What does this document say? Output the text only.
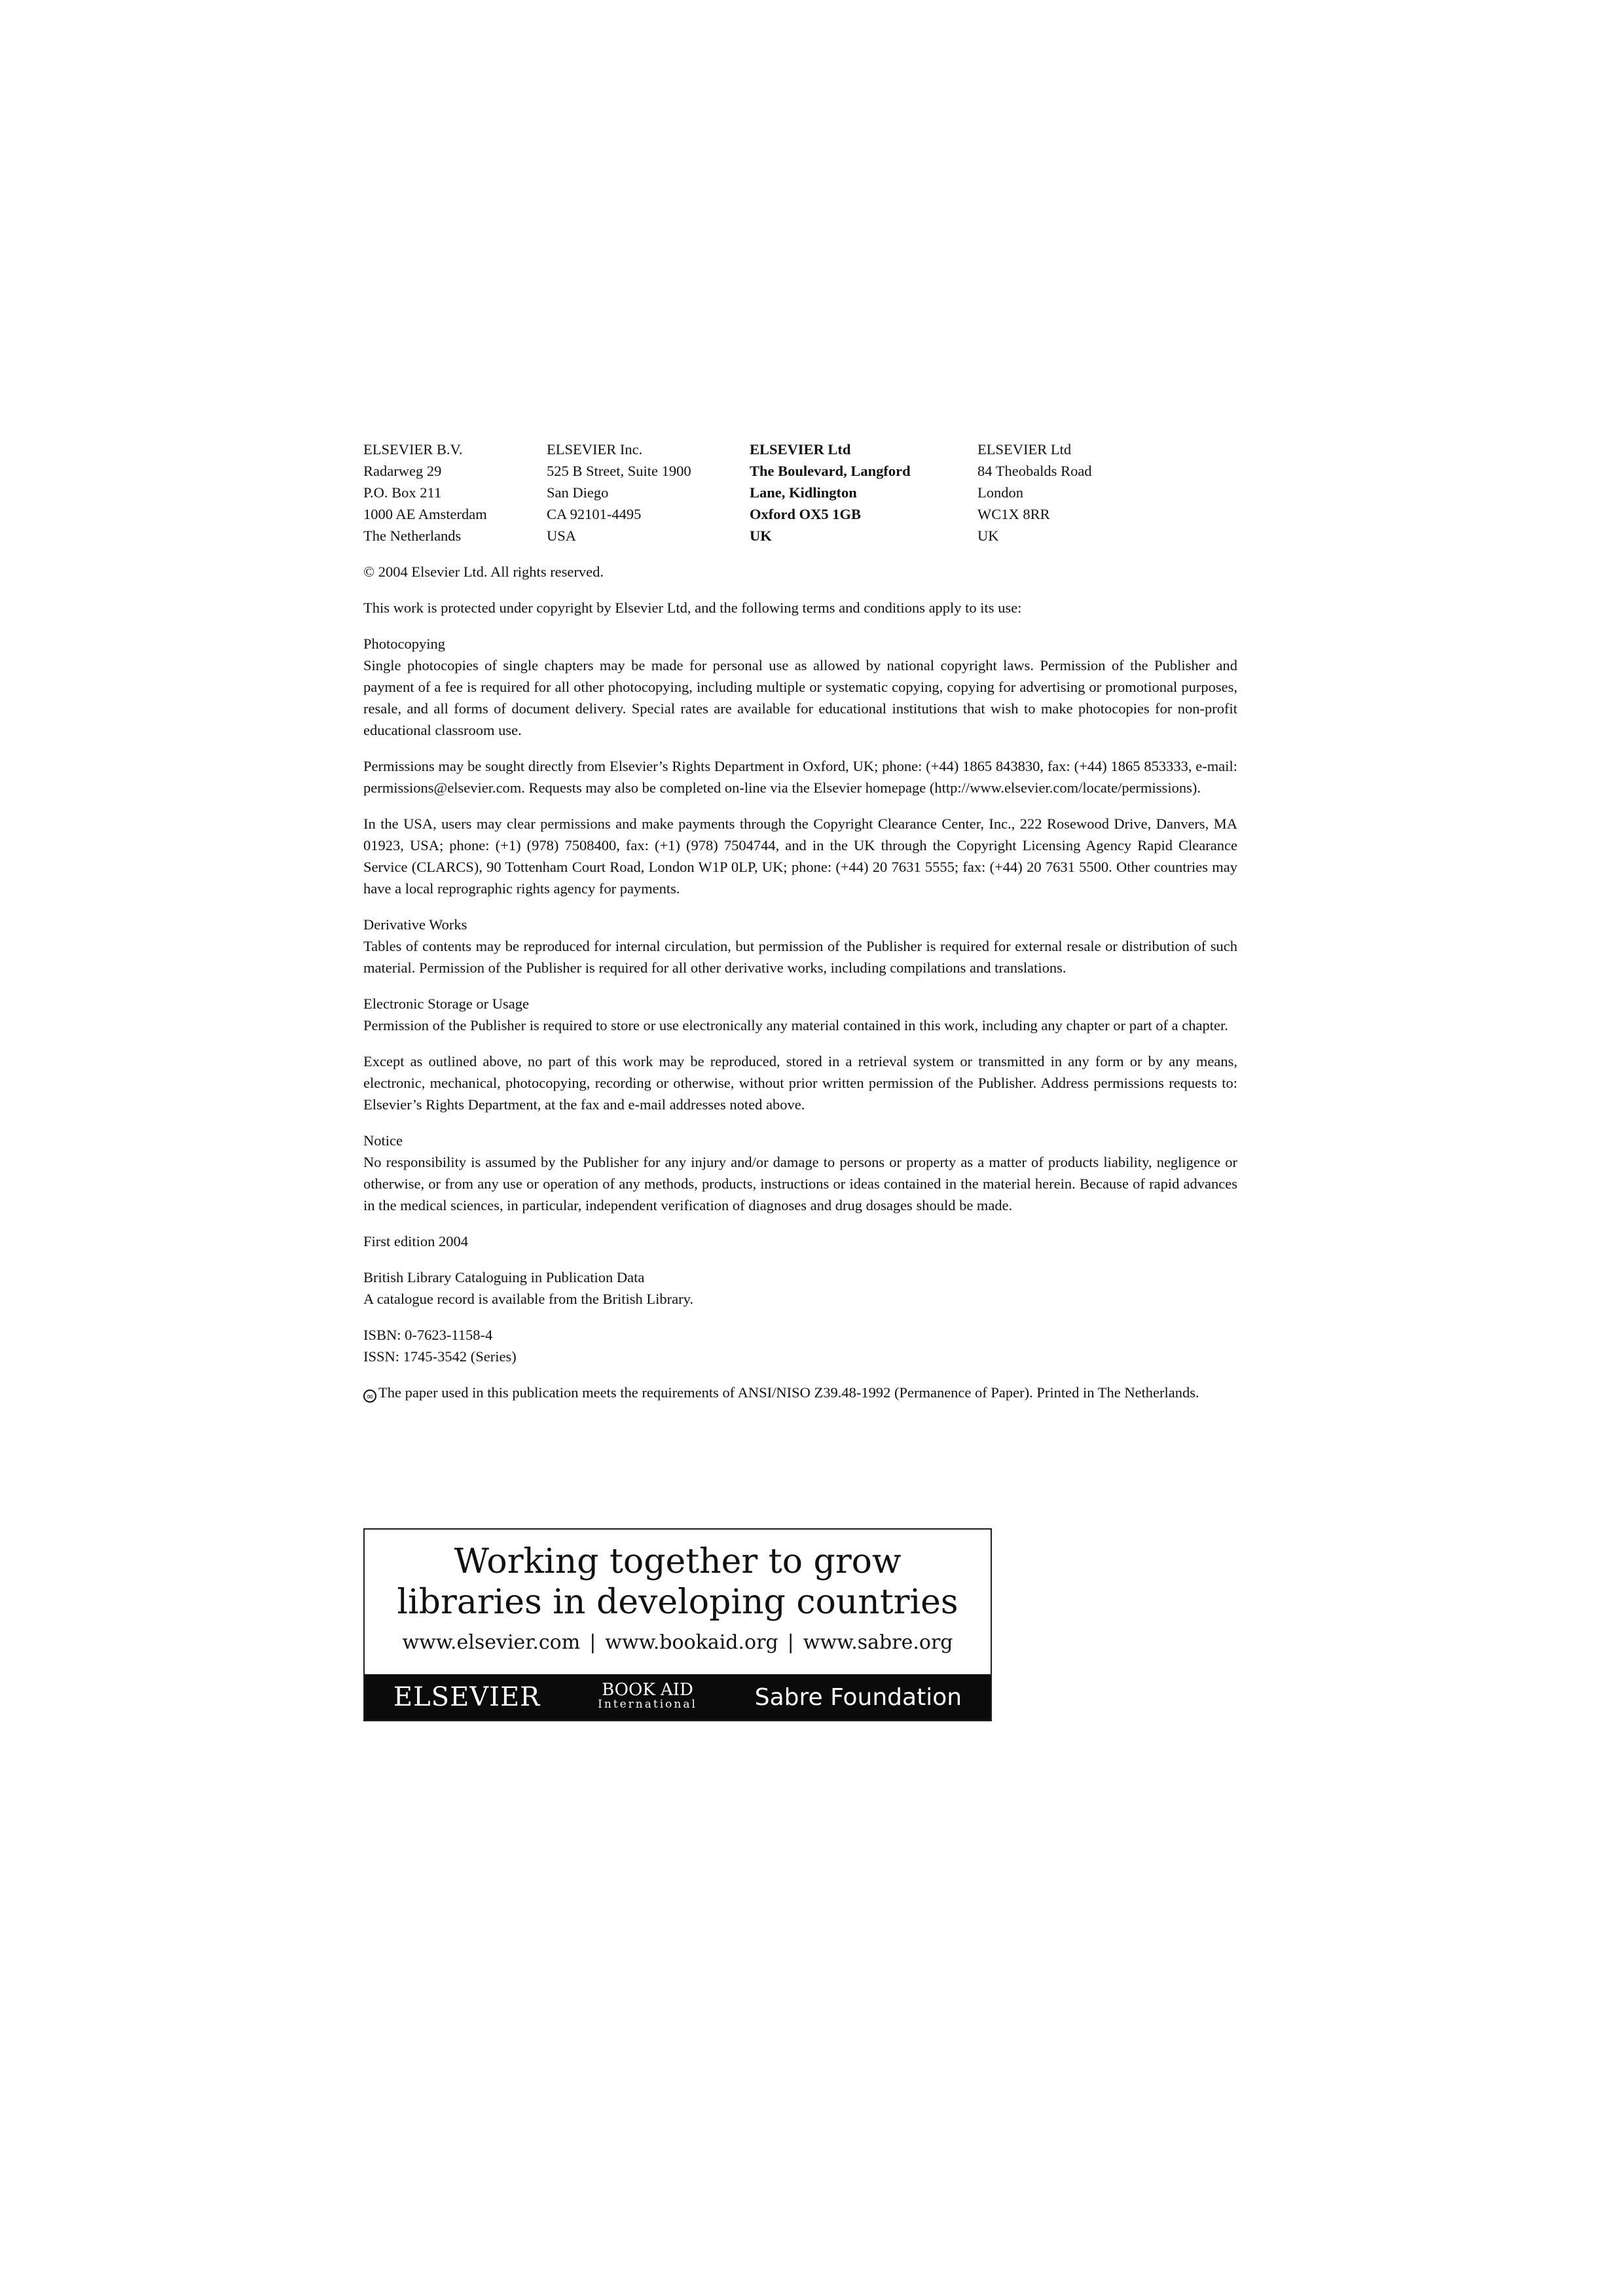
ELSEVIER B.V.
Radarweg 29
P.O. Box 211
1000 AE Amsterdam
The Netherlands
ELSEVIER Inc.
525 B Street, Suite 1900
San Diego
CA 92101-4495
USA
ELSEVIER Ltd
The Boulevard, Langford
Lane, Kidlington
Oxford OX5 1GB
UK
ELSEVIER Ltd
84 Theobalds Road
London
WC1X 8RR
UK

© 2004 Elsevier Ltd. All rights reserved.

This work is protected under copyright by Elsevier Ltd, and the following terms and conditions apply to its use:

Photocopying
Single photocopies of single chapters may be made for personal use as allowed by national copyright laws. Permission of the Publisher and payment of a fee is required for all other photocopying, including multiple or systematic copying, copying for advertising or promotional purposes, resale, and all forms of document delivery. Special rates are available for educational institutions that wish to make photocopies for non-profit educational classroom use.

Permissions may be sought directly from Elsevier’s Rights Department in Oxford, UK; phone: (+44) 1865 843830, fax: (+44) 1865 853333, e-mail: permissions@elsevier.com. Requests may also be completed on-line via the Elsevier homepage (http://www.elsevier.com/locate/permissions).

In the USA, users may clear permissions and make payments through the Copyright Clearance Center, Inc., 222 Rosewood Drive, Danvers, MA 01923, USA; phone: (+1) (978) 7508400, fax: (+1) (978) 7504744, and in the UK through the Copyright Licensing Agency Rapid Clearance Service (CLARCS), 90 Tottenham Court Road, London W1P 0LP, UK; phone: (+44) 20 7631 5555; fax: (+44) 20 7631 5500. Other countries may have a local reprographic rights agency for payments.

Derivative Works
Tables of contents may be reproduced for internal circulation, but permission of the Publisher is required for external resale or distribution of such material. Permission of the Publisher is required for all other derivative works, including compilations and translations.
Electronic Storage or Usage
Permission of the Publisher is required to store or use electronically any material contained in this work, including any chapter or part of a chapter.

Except as outlined above, no part of this work may be reproduced, stored in a retrieval system or transmitted in any form or by any means, electronic, mechanical, photocopying, recording or otherwise, without prior written permission of the Publisher. Address permissions requests to: Elsevier’s Rights Department, at the fax and e-mail addresses noted above.

Notice
No responsibility is assumed by the Publisher for any injury and/or damage to persons or property as a matter of products liability, negligence or otherwise, or from any use or operation of any methods, products, instructions or ideas contained in the material herein. Because of rapid advances in the medical sciences, in particular, independent verification of diagnoses and drug dosages should be made.

First edition 2004

British Library Cataloguing in Publication Data
A catalogue record is available from the British Library.
ISBN: 0-7623-1158-4
ISSN: 1745-3542 (Series)

∞ The paper used in this publication meets the requirements of ANSI/NISO Z39.48-1992 (Permanence of Paper). Printed in The Netherlands.

Working together to grow
libraries in developing countries
www.elsevier.com | www.bookaid.org | www.sabre.org
ELSEVIER	BOOK AID
International Sabre Foundation
